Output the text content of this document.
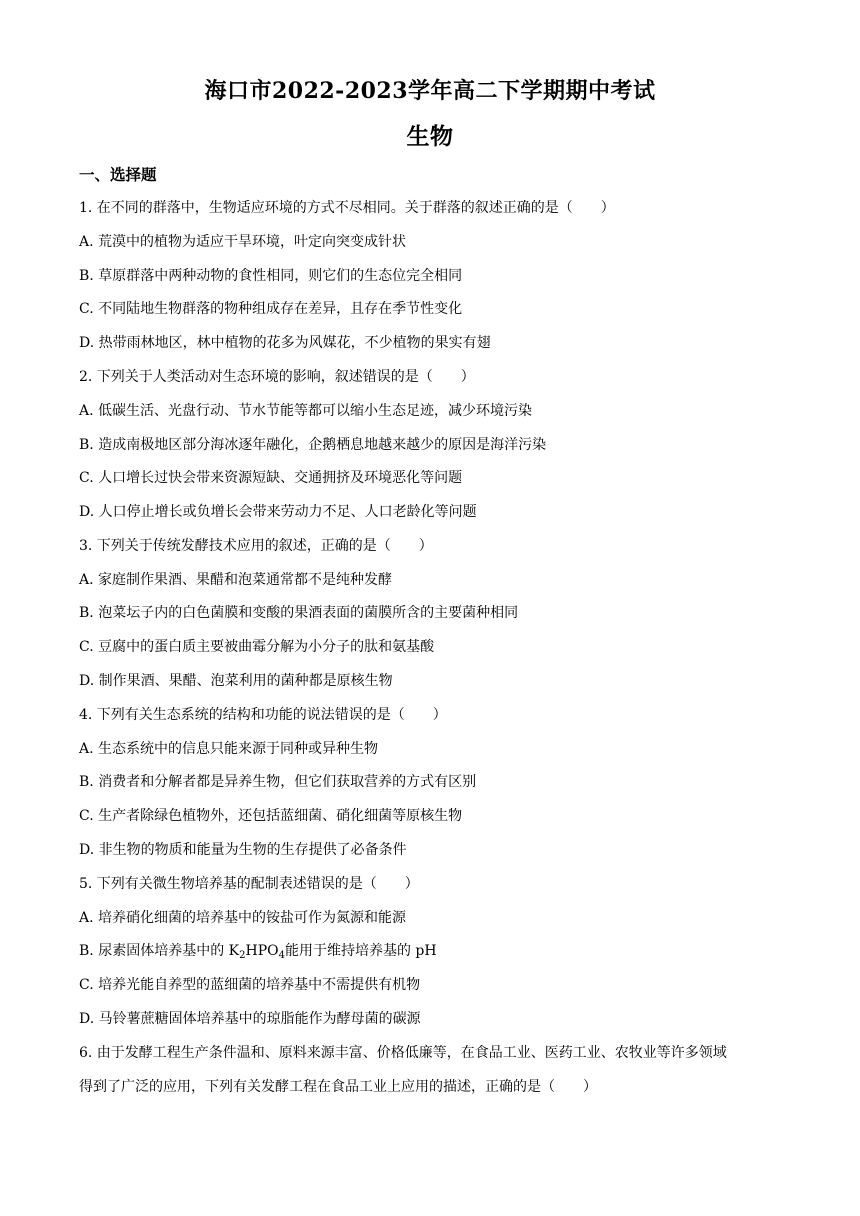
海口市2022-2023学年高二下学期期中考试
生物
一、选择题
1. 在不同的群落中，生物适应环境的方式不尽相同。关于群落的叙述正确的是（　　）
A. 荒漠中的植物为适应干旱环境，叶定向突变成针状
B. 草原群落中两种动物的食性相同，则它们的生态位完全相同
C. 不同陆地生物群落的物种组成存在差异，且存在季节性变化
D. 热带雨林地区，林中植物的花多为风媒花，不少植物的果实有翅
2. 下列关于人类活动对生态环境的影响，叙述错误的是（　　）
A. 低碳生活、光盘行动、节水节能等都可以缩小生态足迹，减少环境污染
B. 造成南极地区部分海冰逐年融化，企鹅栖息地越来越少的原因是海洋污染
C. 人口增长过快会带来资源短缺、交通拥挤及环境恶化等问题
D. 人口停止增长或负增长会带来劳动力不足、人口老龄化等问题
3. 下列关于传统发酵技术应用的叙述，正确的是（　　）
A. 家庭制作果酒、果醋和泡菜通常都不是纯种发酵
B. 泡菜坛子内的白色菌膜和变酸的果酒表面的菌膜所含的主要菌种相同
C. 豆腐中的蛋白质主要被曲霉分解为小分子的肽和氨基酸
D. 制作果酒、果醋、泡菜利用的菌种都是原核生物
4. 下列有关生态系统的结构和功能的说法错误的是（　　）
A. 生态系统中的信息只能来源于同种或异种生物
B. 消费者和分解者都是异养生物，但它们获取营养的方式有区别
C. 生产者除绿色植物外，还包括蓝细菌、硝化细菌等原核生物
D. 非生物的物质和能量为生物的生存提供了必备条件
5. 下列有关微生物培养基的配制表述错误的是（　　）
A. 培养硝化细菌的培养基中的铵盐可作为氮源和能源
B. 尿素固体培养基中的 $K_2HPO_4$能用于维持培养基的 pH
C. 培养光能自养型的蓝细菌的培养基中不需提供有机物
D. 马铃薯蔗糖固体培养基中的琼脂能作为酵母菌的碳源
6. 由于发酵工程生产条件温和、原料来源丰富、价格低廉等，在食品工业、医药工业、农牧业等许多领域
得到了广泛的应用，下列有关发酵工程在食品工业上应用的描述，正确的是（　　）
